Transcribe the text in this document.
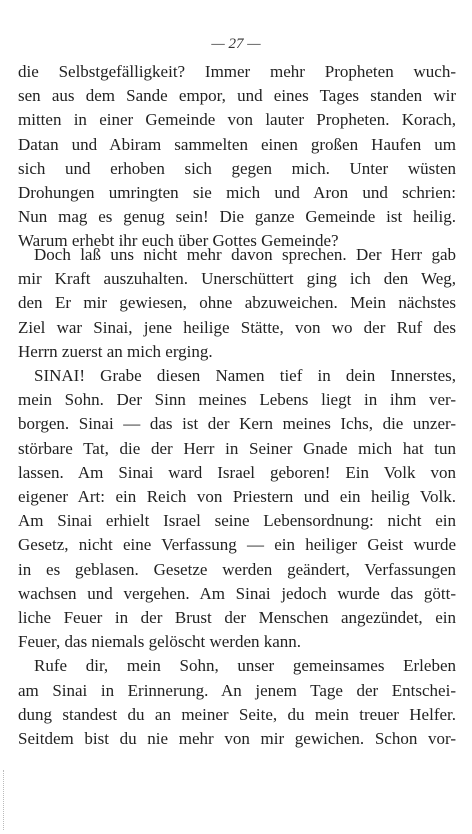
— 27 —
die Selbstgefälligkeit? Immer mehr Propheten wuch-
sen aus dem Sande empor, und eines Tages standen wir
mitten in einer Gemeinde von lauter Propheten. Korach,
Datan und Abiram sammelten einen großen Haufen um
sich und erhoben sich gegen mich. Unter wüsten
Drohungen umringten sie mich und Aron und schrien:
Nun mag es genug sein! Die ganze Gemeinde ist heilig.
Warum erhebt ihr euch über Gottes Gemeinde?
Doch laß uns nicht mehr davon sprechen. Der Herr gab
mir Kraft auszuhalten. Unerschüttert ging ich den Weg,
den Er mir gewiesen, ohne abzuweichen. Mein nächstes
Ziel war Sinai, jene heilige Stätte, von wo der Ruf des
Herrn zuerst an mich erging.
SINAI! Grabe diesen Namen tief in dein Innerstes,
mein Sohn. Der Sinn meines Lebens liegt in ihm ver-
borgen. Sinai — das ist der Kern meines Ichs, die unzer-
störbare Tat, die der Herr in Seiner Gnade mich hat tun
lassen. Am Sinai ward Israel geboren! Ein Volk von
eigener Art: ein Reich von Priestern und ein heilig Volk.
Am Sinai erhielt Israel seine Lebensordnung: nicht ein
Gesetz, nicht eine Verfassung — ein heiliger Geist wurde
in es geblasen. Gesetze werden geändert, Verfassungen
wachsen und vergehen. Am Sinai jedoch wurde das gött-
liche Feuer in der Brust der Menschen angezündet, ein
Feuer, das niemals gelöscht werden kann.
Rufe dir, mein Sohn, unser gemeinsames Erleben
am Sinai in Erinnerung. An jenem Tage der Entschei-
dung standest du an meiner Seite, du mein treuer Helfer.
Seitdem bist du nie mehr von mir gewichen. Schon vor-
